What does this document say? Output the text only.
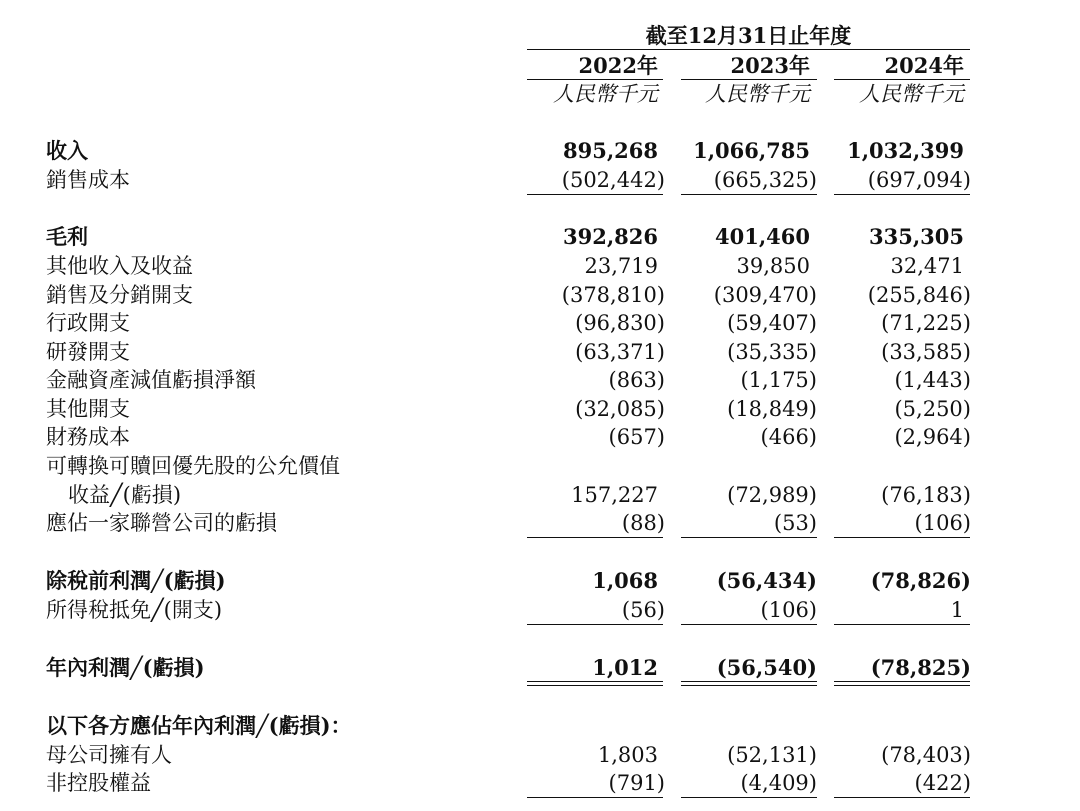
截至12月31日止年度
2022年	2023年	2024年
人民幣千元	人民幣千元	人民幣千元
收入	895,268	1,066,785	1,032,399
銷售成本	(502,442)	(665,325)	(697,094)
毛利	392,826	401,460	335,305
其他收入及收益	23,719	39,850	32,471
銷售及分銷開支	(378,810)	(309,470)	(255,846)
行政開支	(96,830)	(59,407)	(71,225)
研發開支	(63,371)	(35,335)	(33,585)
金融資產減值虧損淨額	(863)	(1,175)	(1,443)
其他開支	(32,085)	(18,849)	(5,250)
財務成本	(657)	(466)	(2,964)
可轉換可贖回優先股的公允價值
收益╱(虧損)	157,227	(72,989)	(76,183)
應佔一家聯營公司的虧損	(88)	(53)	(106)
除稅前利潤╱(虧損)	1,068	(56,434)	(78,826)
所得稅抵免╱(開支)	(56)	(106)	1
年內利潤╱(虧損)	1,012	(56,540)	(78,825)
以下各方應佔年內利潤╱(虧損)：
母公司擁有人	1,803	(52,131)	(78,403)
非控股權益	(791)	(4,409)	(422)
